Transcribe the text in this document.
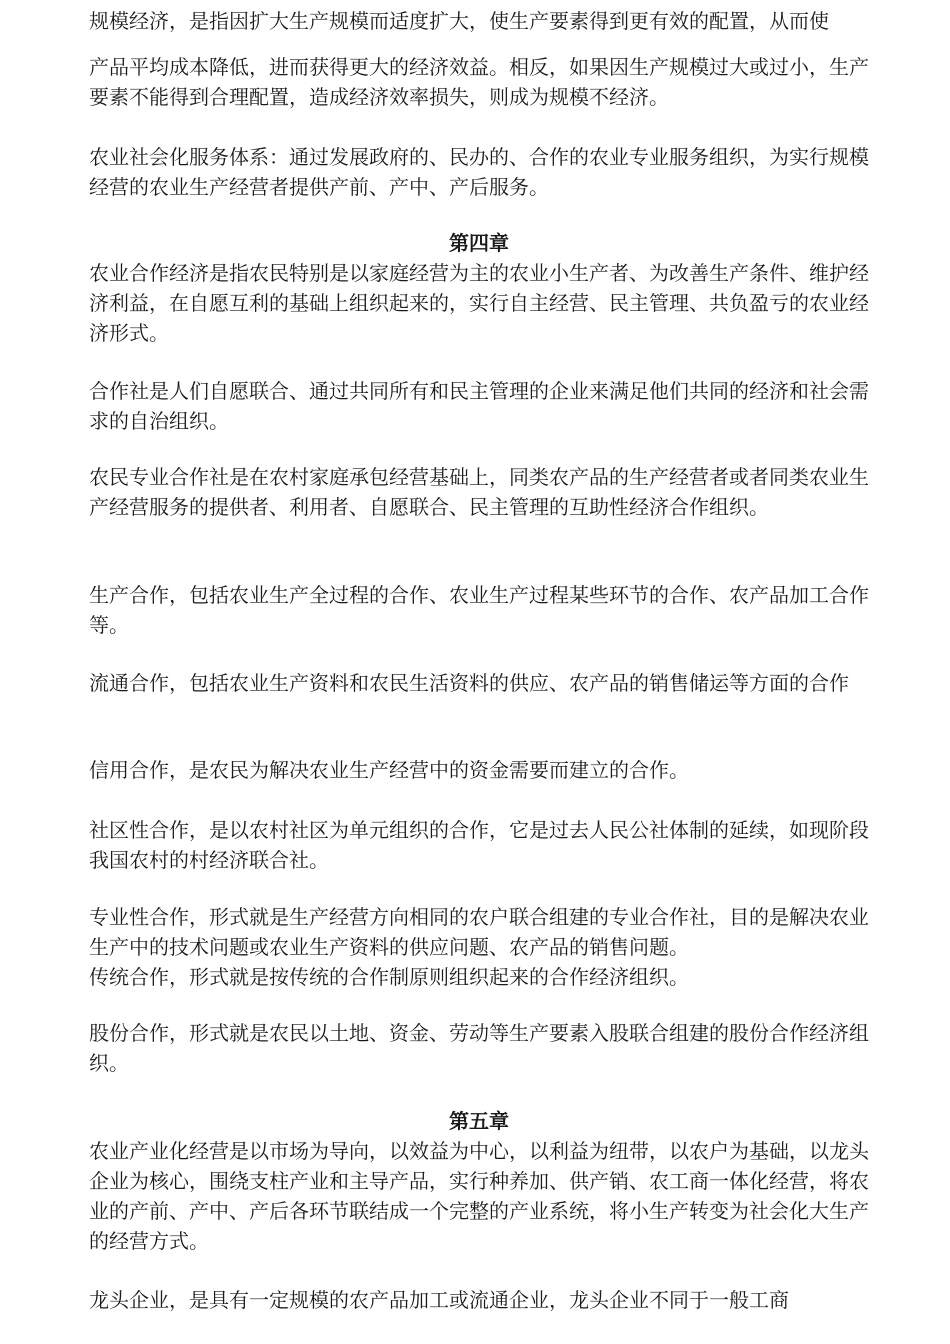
规模经济，是指因扩大生产规模而适度扩大，使生产要素得到更有效的配置，从而使

产品平均成本降低，进而获得更大的经济效益。相反，如果因生产规模过大或过小，生产要素不能得到合理配置，造成经济效率损失，则成为规模不经济。

农业社会化服务体系：通过发展政府的、民办的、合作的农业专业服务组织，为实行规模经营的农业生产经营者提供产前、产中、产后服务。

第四章

农业合作经济是指农民特别是以家庭经营为主的农业小生产者、为改善生产条件、维护经济利益，在自愿互利的基础上组织起来的，实行自主经营、民主管理、共负盈亏的农业经济形式。

合作社是人们自愿联合、通过共同所有和民主管理的企业来满足他们共同的经济和社会需求的自治组织。

农民专业合作社是在农村家庭承包经营基础上，同类农产品的生产经营者或者同类农业生产经营服务的提供者、利用者、自愿联合、民主管理的互助性经济合作组织。

生产合作，包括农业生产全过程的合作、农业生产过程某些环节的合作、农产品加工合作等。

流通合作，包括农业生产资料和农民生活资料的供应、农产品的销售储运等方面的合作

信用合作，是农民为解决农业生产经营中的资金需要而建立的合作。

社区性合作，是以农村社区为单元组织的合作，它是过去人民公社体制的延续，如现阶段我国农村的村经济联合社。

专业性合作，形式就是生产经营方向相同的农户联合组建的专业合作社，目的是解决农业生产中的技术问题或农业生产资料的供应问题、农产品的销售问题。

传统合作，形式就是按传统的合作制原则组织起来的合作经济组织。

股份合作，形式就是农民以土地、资金、劳动等生产要素入股联合组建的股份合作经济组织。

第五章

农业产业化经营是以市场为导向，以效益为中心，以利益为纽带，以农户为基础，以龙头企业为核心，围绕支柱产业和主导产品，实行种养加、供产销、农工商一体化经营，将农业的产前、产中、产后各环节联结成一个完整的产业系统，将小生产转变为社会化大生产的经营方式。

龙头企业，是具有一定规模的农产品加工或流通企业，龙头企业不同于一般工商
